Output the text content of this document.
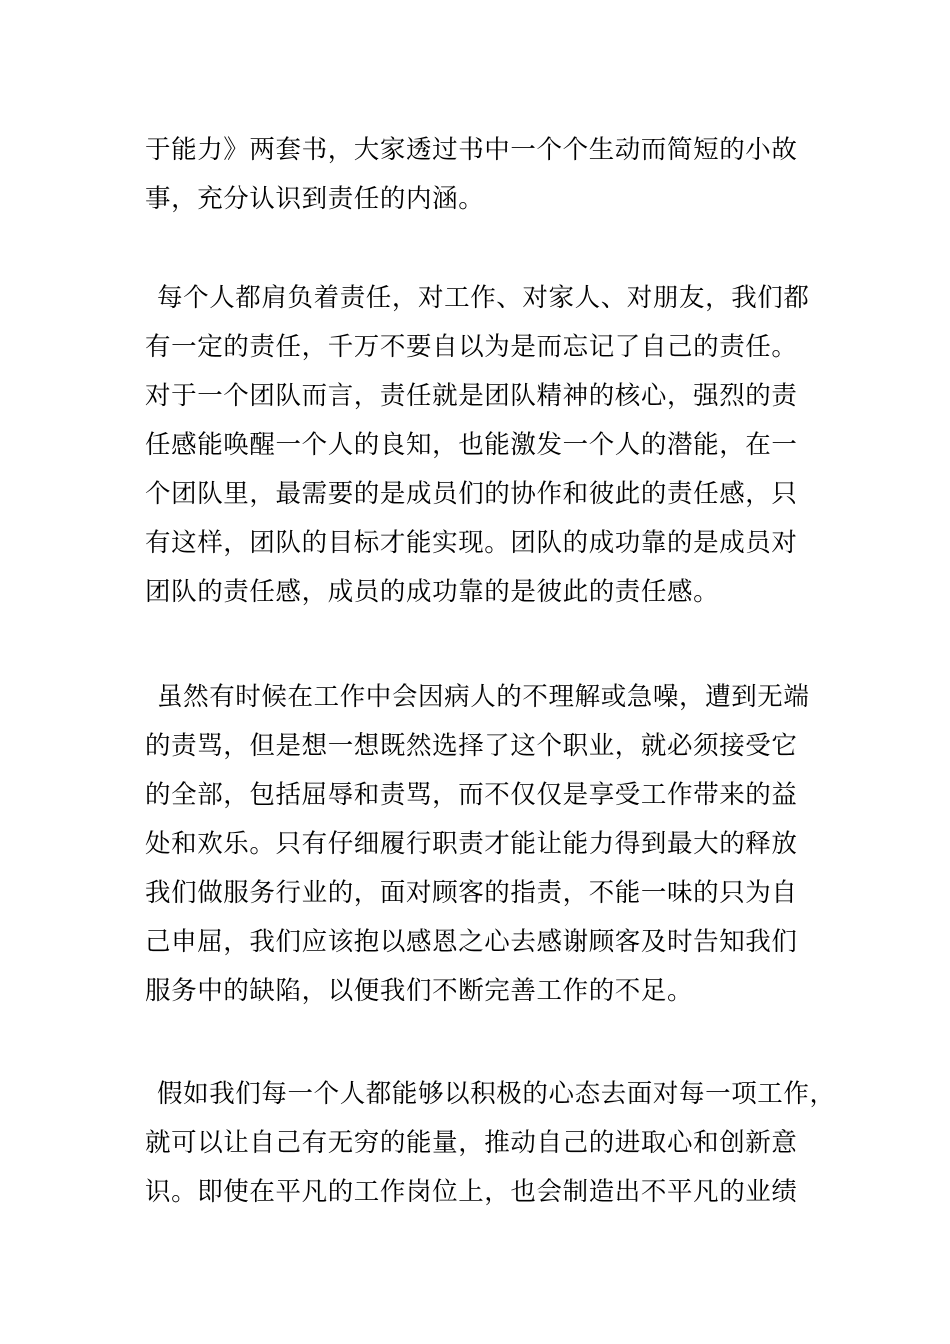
于能力》两套书，大家透过书中一个个生动而简短的小故
事，充分认识到责任的内涵。
每个人都肩负着责任，对工作、对家人、对朋友，我们都
有一定的责任，千万不要自以为是而忘记了自己的责任。
对于一个团队而言，责任就是团队精神的核心，强烈的责
任感能唤醒一个人的良知，也能激发一个人的潜能，在一
个团队里，最需要的是成员们的协作和彼此的责任感，只
有这样，团队的目标才能实现。团队的成功靠的是成员对
团队的责任感，成员的成功靠的是彼此的责任感。
虽然有时候在工作中会因病人的不理解或急噪，遭到无端
的责骂，但是想一想既然选择了这个职业，就必须接受它
的全部，包括屈辱和责骂，而不仅仅是享受工作带来的益
处和欢乐。只有仔细履行职责才能让能力得到最大的释放
我们做服务行业的，面对顾客的指责，不能一味的只为自
己申屈，我们应该抱以感恩之心去感谢顾客及时告知我们
服务中的缺陷，以便我们不断完善工作的不足。
假如我们每一个人都能够以积极的心态去面对每一项工作，
就可以让自己有无穷的能量，推动自己的进取心和创新意
识。即使在平凡的工作岗位上，也会制造出不平凡的业绩
